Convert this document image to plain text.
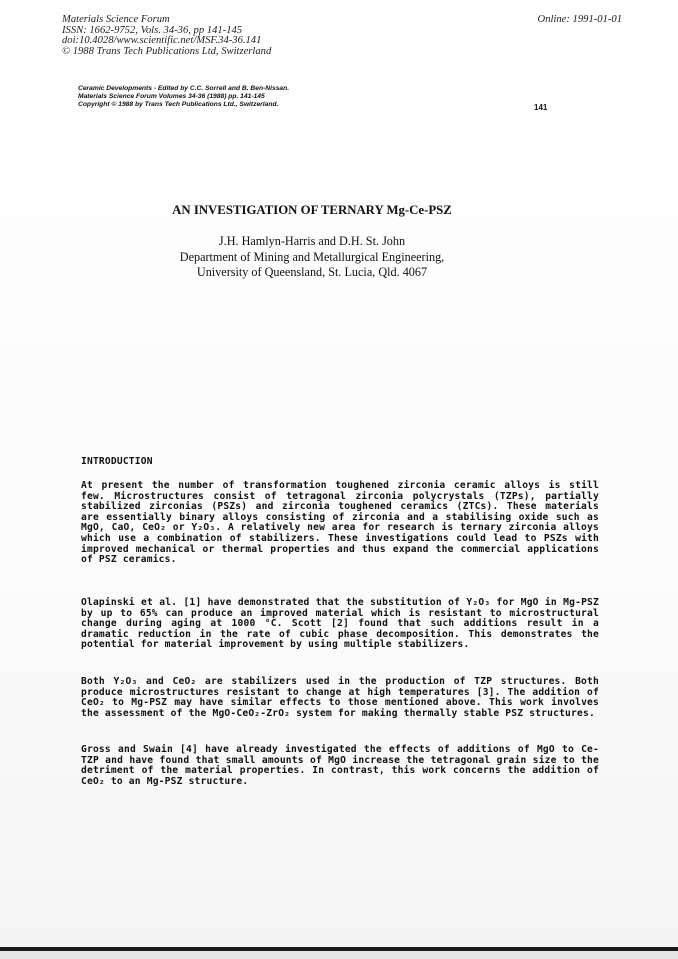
Materials Science Forum	Online: 1991-01-01
ISSN: 1662-9752, Vols. 34-36, pp 141-145
doi:10.4028/www.scientific.net/MSF.34-36.141
© 1988 Trans Tech Publications Ltd, Switzerland
Ceramic Developments - Edited by C.C. Sorrell and B. Ben-Nissan.
Materials Science Forum Volumes 34-36 (1988) pp. 141-145
Copyright © 1988 by Trans Tech Publications Ltd., Switzerland.	141
AN INVESTIGATION OF TERNARY Mg-Ce-PSZ
J.H. Hamlyn-Harris and D.H. St. John
Department of Mining and Metallurgical Engineering,
University of Queensland, St. Lucia, Qld. 4067
INTRODUCTION
At present the number of transformation toughened zirconia ceramic alloys is still few. Microstructures consist of tetragonal zirconia polycrystals (TZPs), partially stabilized zirconias (PSZs) and zirconia toughened ceramics (ZTCs). These materials are essentially binary alloys consisting of zirconia and a stabilising oxide such as MgO, CaO, CeO₂ or Y₂O₃. A relatively new area for research is ternary zirconia alloys which use a combination of stabilizers. These investigations could lead to PSZs with improved mechanical or thermal properties and thus expand the commercial applications of PSZ ceramics.
Olapinski et al. [1] have demonstrated that the substitution of Y₂O₃ for MgO in Mg-PSZ by up to 65% can produce an improved material which is resistant to microstructural change during aging at 1000 °C. Scott [2] found that such additions result in a dramatic reduction in the rate of cubic phase decomposition. This demonstrates the potential for material improvement by using multiple stabilizers.
Both Y₂O₃ and CeO₂ are stabilizers used in the production of TZP structures. Both produce microstructures resistant to change at high temperatures [3]. The addition of CeO₂ to Mg-PSZ may have similar effects to those mentioned above. This work involves the assessment of the MgO-CeO₂-ZrO₂ system for making thermally stable PSZ structures.
Gross and Swain [4] have already investigated the effects of additions of MgO to Ce-TZP and have found that small amounts of MgO increase the tetragonal grain size to the detriment of the material properties. In contrast, this work concerns the addition of CeO₂ to an Mg-PSZ structure.
